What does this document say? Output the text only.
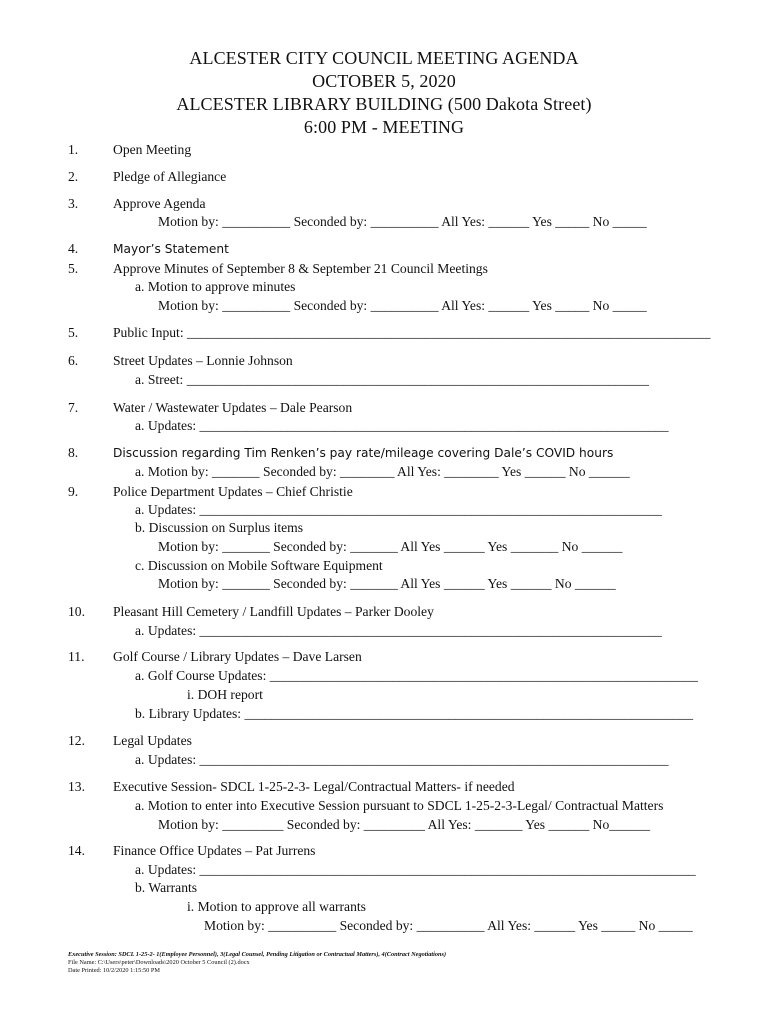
ALCESTER CITY COUNCIL MEETING AGENDA
OCTOBER 5, 2020
ALCESTER LIBRARY BUILDING (500 Dakota Street)
6:00 PM - MEETING
1.	Open Meeting
2.	Pledge of Allegiance
3.	Approve Agenda
Motion by: __________ Seconded by: __________ All Yes: ______ Yes _____ No _____
4.	Mayor’s Statement
5.	Approve Minutes of September 8 & September 21 Council Meetings
a. Motion to approve minutes
Motion by: __________ Seconded by: __________ All Yes: ______ Yes _____ No _____
5.	Public Input: _____________________________________________________________________________
6.	Street Updates – Lonnie Johnson
a. Street: ____________________________________________________________________
7.	Water / Wastewater Updates – Dale Pearson
a. Updates: _____________________________________________________________________
8.	Discussion regarding Tim Renken’s pay rate/mileage covering Dale’s COVID hours
a. Motion by: _______ Seconded by: ________ All Yes: ________ Yes ______ No ______
9.	Police Department Updates – Chief Christie
a. Updates: ____________________________________________________________________
b. Discussion on Surplus items
Motion by: _______ Seconded by: _______ All Yes ______ Yes _______ No ______
c. Discussion on Mobile Software Equipment
Motion by: _______ Seconded by: _______ All Yes ______ Yes ______ No ______
10. Pleasant Hill Cemetery / Landfill Updates – Parker Dooley
a. Updates: ____________________________________________________________________
11. Golf Course / Library Updates – Dave Larsen
a. Golf Course Updates: _______________________________________________________________
i. DOH report
b. Library Updates: __________________________________________________________________
12. Legal Updates
a. Updates: _____________________________________________________________________
13. Executive Session- SDCL 1-25-2-3- Legal/Contractual Matters- if needed
a. Motion to enter into Executive Session pursuant to SDCL 1-25-2-3-Legal/ Contractual Matters
Motion by: _________ Seconded by: _________ All Yes: _______ Yes ______ No______
14. Finance Office Updates – Pat Jurrens
a. Updates: _________________________________________________________________________
b. Warrants
i. Motion to approve all warrants
Motion by: __________ Seconded by: __________ All Yes: ______ Yes _____ No _____
Executive Session: SDCL 1-25-2- 1(Employee Personnel), 3(Legal Counsel, Pending Litigation or Contractual Matters), 4(Contract Negotiations)
File Name: C:\Users\peter\Downloads\2020 October 5 Council (2).docx
Date Printed: 10/2/2020 1:15:50 PM
